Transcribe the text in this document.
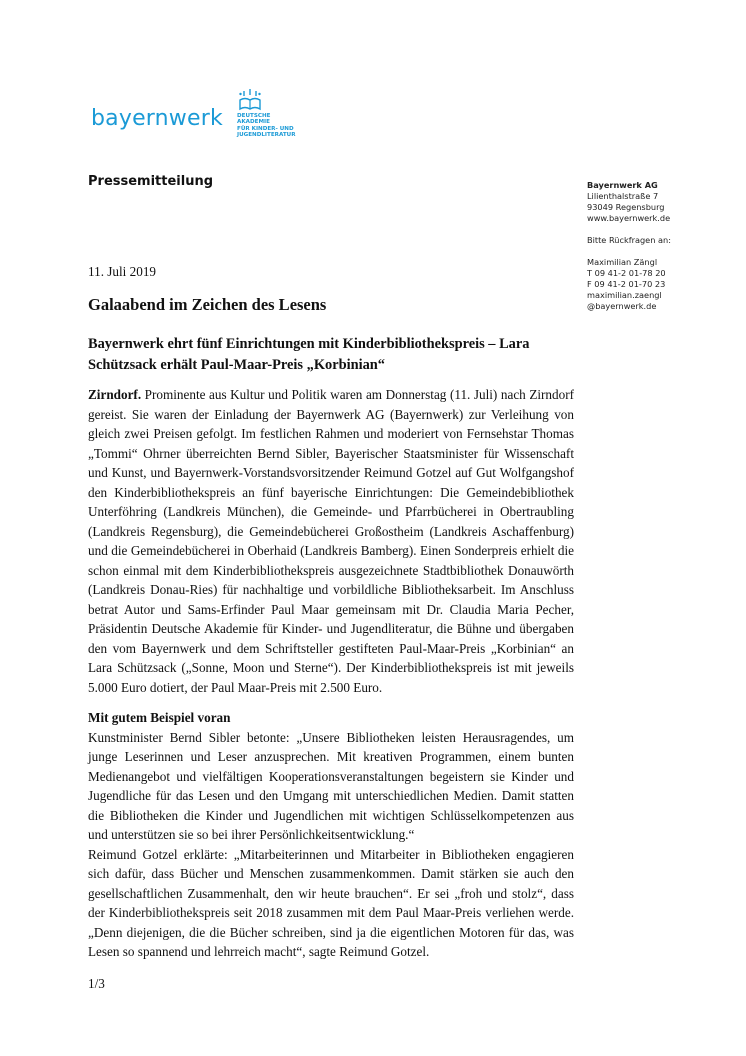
bayernwerk	DEUTSCHE
AKADEMIE
FÜR KINDER- UND
JUGENDLITERATUR
Pressemitteilung	Bayernwerk AG
Lilienthalstraße 7
93049 Regensburg
www.bayernwerk.de
Bitte Rückfragen an:
Maximilian Zängl
T 09 41-2 01-78 20
F 09 41-2 01-70 23
maximilian.zaengl
@bayernwerk.de
11. Juli 2019
Galaabend im Zeichen des Lesens
Bayernwerk ehrt fünf Einrichtungen mit Kinderbibliothekspreis – Lara Schützsack erhält Paul-Maar-Preis „Korbinian“

Zirndorf. Prominente aus Kultur und Politik waren am Donnerstag (11. Juli) nach Zirndorf gereist. Sie waren der Einladung der Bayernwerk AG (Bayernwerk) zur Verleihung von gleich zwei Preisen gefolgt. Im festlichen Rahmen und moderiert von Fernsehstar Thomas „Tommi“ Ohrner überreichten Bernd Sibler, Bayerischer Staatsminister für Wissenschaft und Kunst, und Bayernwerk-Vorstandsvorsitzender Reimund Gotzel auf Gut Wolfgangshof den Kinderbibliothekspreis an fünf bayerische Einrichtungen: Die Gemeindebibliothek Unterföhring (Landkreis München), die Gemeinde- und Pfarrbücherei in Obertraubling (Landkreis Regensburg), die Gemeindebücherei Großostheim (Landkreis Aschaffenburg) und die Gemeindebücherei in Oberhaid (Landkreis Bamberg). Einen Sonderpreis erhielt die schon einmal mit dem Kinderbibliothekspreis ausgezeichnete Stadtbibliothek Donauwörth (Landkreis Donau-Ries) für nachhaltige und vorbildliche Bibliotheksarbeit. Im Anschluss betrat Autor und Sams-Erfinder Paul Maar gemeinsam mit Dr. Claudia Maria Pecher, Präsidentin Deutsche Akademie für Kinder- und Jugendliteratur, die Bühne und übergaben den vom Bayernwerk und dem Schriftsteller gestifteten Paul-Maar-Preis „Korbinian“ an Lara Schützsack („Sonne, Moon und Sterne“). Der Kinderbibliothekspreis ist mit jeweils 5.000 Euro dotiert, der Paul Maar-Preis mit 2.500 Euro.

Mit gutem Beispiel voran

Kunstminister Bernd Sibler betonte: „Unsere Bibliotheken leisten Herausragendes, um junge Leserinnen und Leser anzusprechen. Mit kreativen Programmen, einem bunten Medienangebot und vielfältigen Kooperationsveranstaltungen begeistern sie Kinder und Jugendliche für das Lesen und den Umgang mit unterschiedlichen Medien. Damit statten die Bibliotheken die Kinder und Jugendlichen mit wichtigen Schlüsselkompetenzen aus und unterstützen sie so bei ihrer Persönlichkeitsentwicklung.“

Reimund Gotzel erklärte: „Mitarbeiterinnen und Mitarbeiter in Bibliotheken engagieren sich dafür, dass Bücher und Menschen zusammenkommen. Damit stärken sie auch den gesellschaftlichen Zusammenhalt, den wir heute brauchen“. Er sei „froh und stolz“, dass der Kinderbibliothekspreis seit 2018 zusammen mit dem Paul Maar-Preis verliehen werde. „Denn diejenigen, die die Bücher schreiben, sind ja die eigentlichen Motoren für das, was Lesen so spannend und lehrreich macht“, sagte Reimund Gotzel.

1/3
